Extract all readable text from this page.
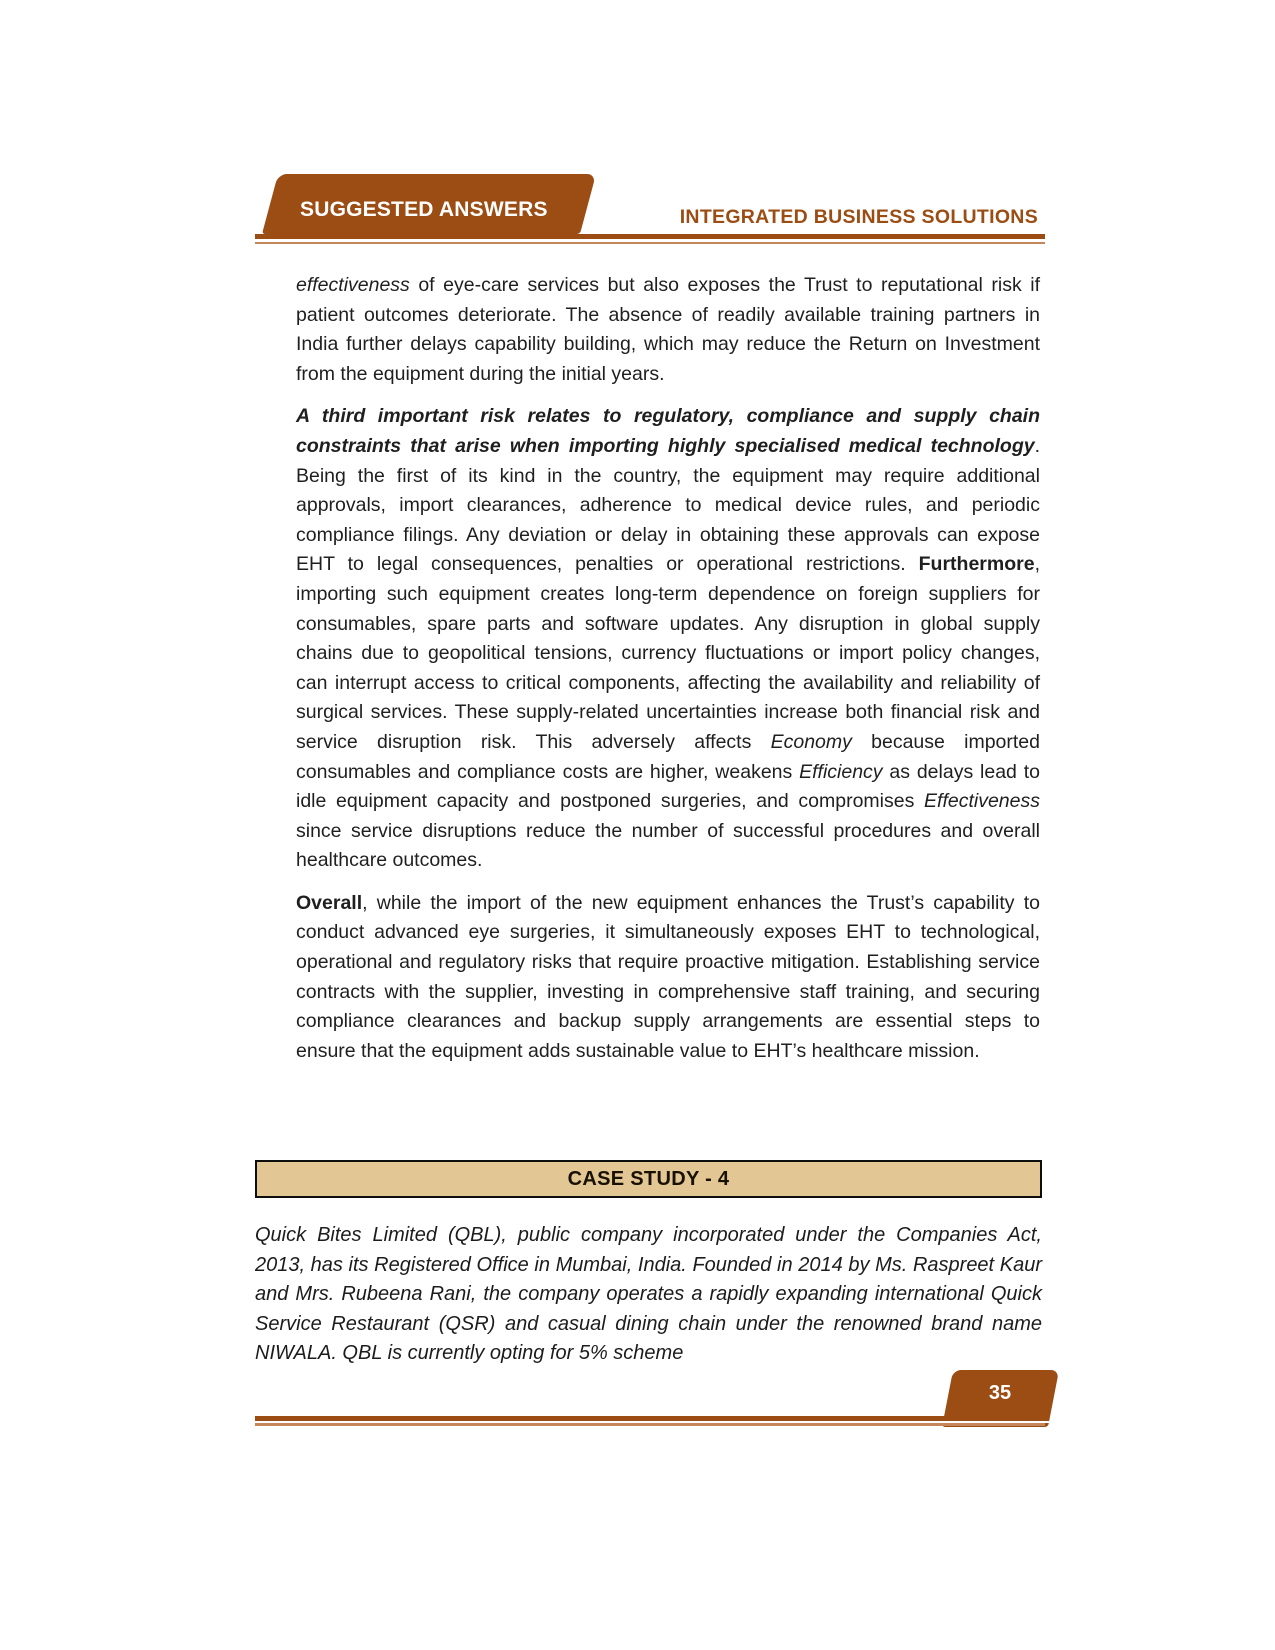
SUGGESTED ANSWERS	INTEGRATED BUSINESS SOLUTIONS

effectiveness of eye-care services but also exposes the Trust to reputational risk if patient outcomes deteriorate. The absence of readily available training partners in India further delays capability building, which may reduce the Return on Investment from the equipment during the initial years.

A third important risk relates to regulatory, compliance and supply chain constraints that arise when importing highly specialised medical technology. Being the first of its kind in the country, the equipment may require additional approvals, import clearances, adherence to medical device rules, and periodic compliance filings. Any deviation or delay in obtaining these approvals can expose EHT to legal consequences, penalties or operational restrictions. Furthermore, importing such equipment creates long-term dependence on foreign suppliers for consumables, spare parts and software updates. Any disruption in global supply chains due to geopolitical tensions, currency fluctuations or import policy changes, can interrupt access to critical components, affecting the availability and reliability of surgical services. These supply-related uncertainties increase both financial risk and service disruption risk. This adversely affects Economy because imported consumables and compliance costs are higher, weakens Efficiency as delays lead to idle equipment capacity and postponed surgeries, and compromises Effectiveness since service disruptions reduce the number of successful procedures and overall healthcare outcomes.

Overall, while the import of the new equipment enhances the Trust’s capability to conduct advanced eye surgeries, it simultaneously exposes EHT to technological, operational and regulatory risks that require proactive mitigation. Establishing service contracts with the supplier, investing in comprehensive staff training, and securing compliance clearances and backup supply arrangements are essential steps to ensure that the equipment adds sustainable value to EHT’s healthcare mission.

CASE STUDY - 4
Quick Bites Limited (QBL), public company incorporated under the Companies Act, 2013, has its Registered Office in Mumbai, India. Founded in 2014 by Ms. Raspreet Kaur and Mrs. Rubeena Rani, the company operates a rapidly expanding international Quick Service Restaurant (QSR) and casual dining chain under the renowned brand name NIWALA. QBL is currently opting for 5% scheme
35
